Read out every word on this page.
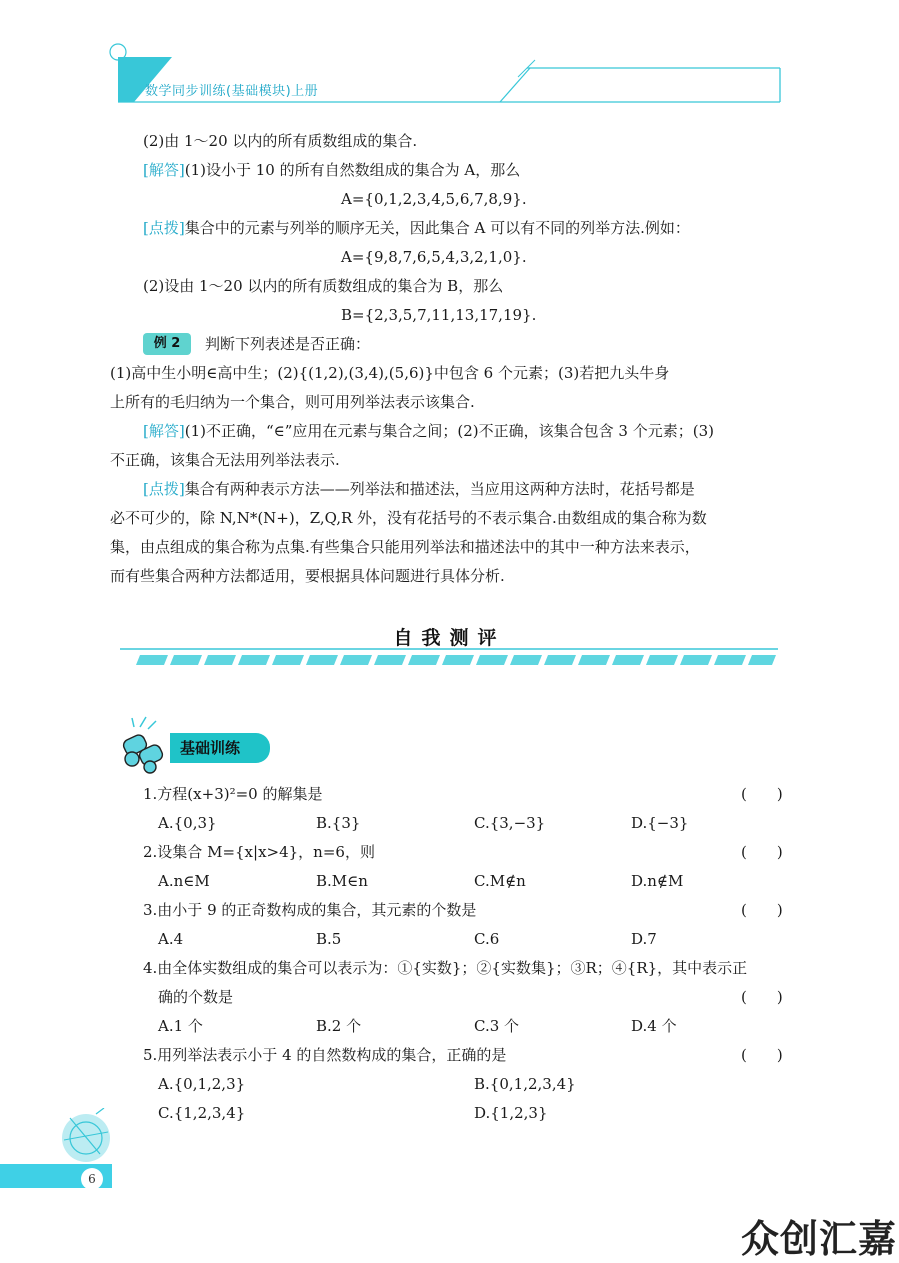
数学同步训练(基础模块)上册
(2)由 1～20 以内的所有质数组成的集合.
[解答](1)设小于 10 的所有自然数组成的集合为 A，那么
A={0,1,2,3,4,5,6,7,8,9}.
[点拨]集合中的元素与列举的顺序无关，因此集合 A 可以有不同的列举方法.例如：
A={9,8,7,6,5,4,3,2,1,0}.
(2)设由 1～20 以内的所有质数组成的集合为 B，那么
B={2,3,5,7,11,13,17,19}.
例 2	判断下列表述是否正确：
(1)高中生小明∈高中生；(2){(1,2),(3,4),(5,6)}中包含 6 个元素；(3)若把九头牛身
上所有的毛归纳为一个集合，则可用列举法表示该集合.
[解答](1)不正确，“∈”应用在元素与集合之间；(2)不正确，该集合包含 3 个元素；(3)
不正确，该集合无法用列举法表示.
[点拨]集合有两种表示方法——列举法和描述法，当应用这两种方法时，花括号都是
必不可少的，除 N,N*(N+)，Z,Q,R 外，没有花括号的不表示集合.由数组成的集合称为数
集，由点组成的集合称为点集.有些集合只能用列举法和描述法中的其中一种方法来表示，
而有些集合两种方法都适用，要根据具体问题进行具体分析.
自我测评
基础训练
1.方程(x+3)²=0 的解集是	(　　)
A.{0,3}	B.{3}	C.{3,−3}	D.{−3}
2.设集合 M={x|x>4}，n=6，则	(　　)
A.n∈M	B.M∈n	C.M∉n	D.n∉M
3.由小于 9 的正奇数构成的集合，其元素的个数是	(　　)
A.4	B.5	C.6	D.7
4.由全体实数组成的集合可以表示为：①{实数}；②{实数集}；③R；④{R}，其中表示正
确的个数是	(　　)
A.1 个	B.2 个	C.3 个	D.4 个
5.用列举法表示小于 4 的自然数构成的集合，正确的是	(　　)
A.{0,1,2,3}	B.{0,1,2,3,4}
C.{1,2,3,4}	D.{1,2,3}
6
众创汇嘉
